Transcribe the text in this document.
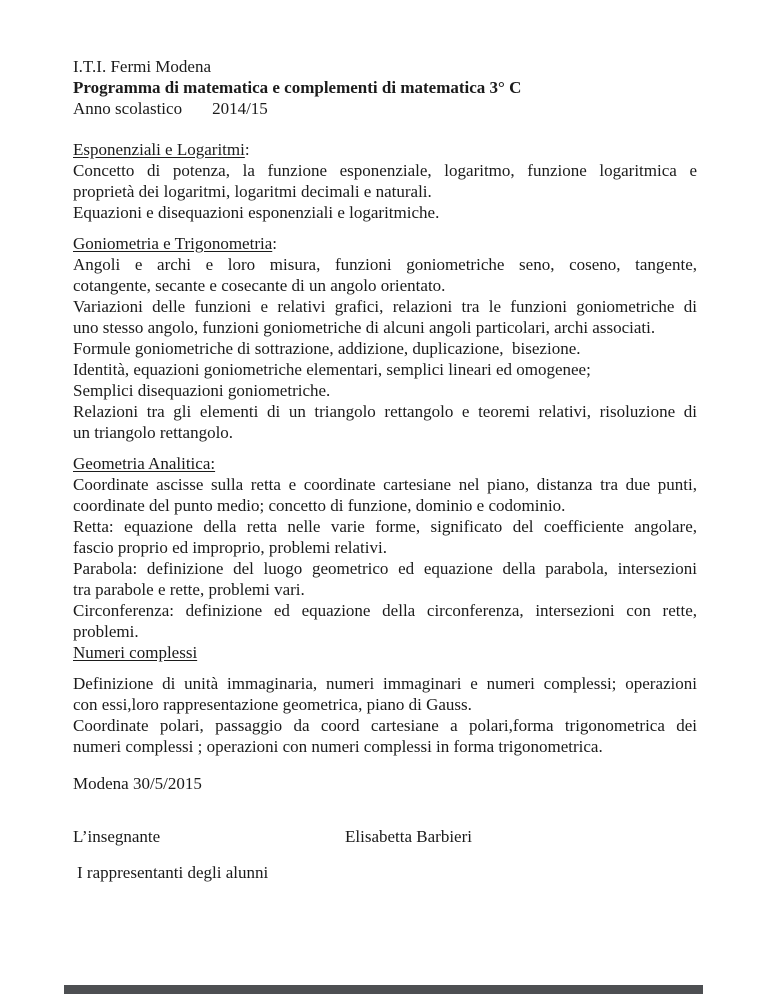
I.T.I. Fermi Modena
Programma di matematica e complementi di matematica 3° C
Anno scolastico 2014/15
Esponenziali e Logaritmi:
Concetto di potenza, la funzione esponenziale, logaritmo, funzione logaritmica e
proprietà dei logaritmi, logaritmi decimali e naturali.
Equazioni e disequazioni esponenziali e logaritmiche.
Goniometria e Trigonometria:
Angoli e archi e loro misura, funzioni goniometriche seno, coseno, tangente,
cotangente, secante e cosecante di un angolo orientato.
Variazioni delle funzioni e relativi grafici, relazioni tra le funzioni goniometriche di
uno stesso angolo, funzioni goniometriche di alcuni angoli particolari, archi associati.
Formule goniometriche di sottrazione, addizione, duplicazione,  bisezione.
Identità, equazioni goniometriche elementari, semplici lineari ed omogenee;
Semplici disequazioni goniometriche.
Relazioni tra gli elementi di un triangolo rettangolo e teoremi relativi, risoluzione di
un triangolo rettangolo.
Geometria Analitica:
Coordinate ascisse sulla retta e coordinate cartesiane nel piano, distanza tra due punti,
coordinate del punto medio; concetto di funzione, dominio e codominio.
Retta: equazione della retta nelle varie forme, significato del coefficiente angolare,
fascio proprio ed improprio, problemi relativi.
Parabola: definizione del luogo geometrico ed equazione della parabola, intersezioni
tra parabole e rette, problemi vari.
Circonferenza: definizione ed equazione della circonferenza, intersezioni con rette,
problemi.
Numeri complessi
Definizione di unità immaginaria, numeri immaginari e numeri complessi; operazioni
con essi,loro rappresentazione geometrica, piano di Gauss.
Coordinate polari, passaggio da coord cartesiane a polari,forma trigonometrica dei
numeri complessi ; operazioni con numeri complessi in forma trigonometrica.
Modena 30/5/2015
L’insegnante	Elisabetta Barbieri
I rappresentanti degli alunni
